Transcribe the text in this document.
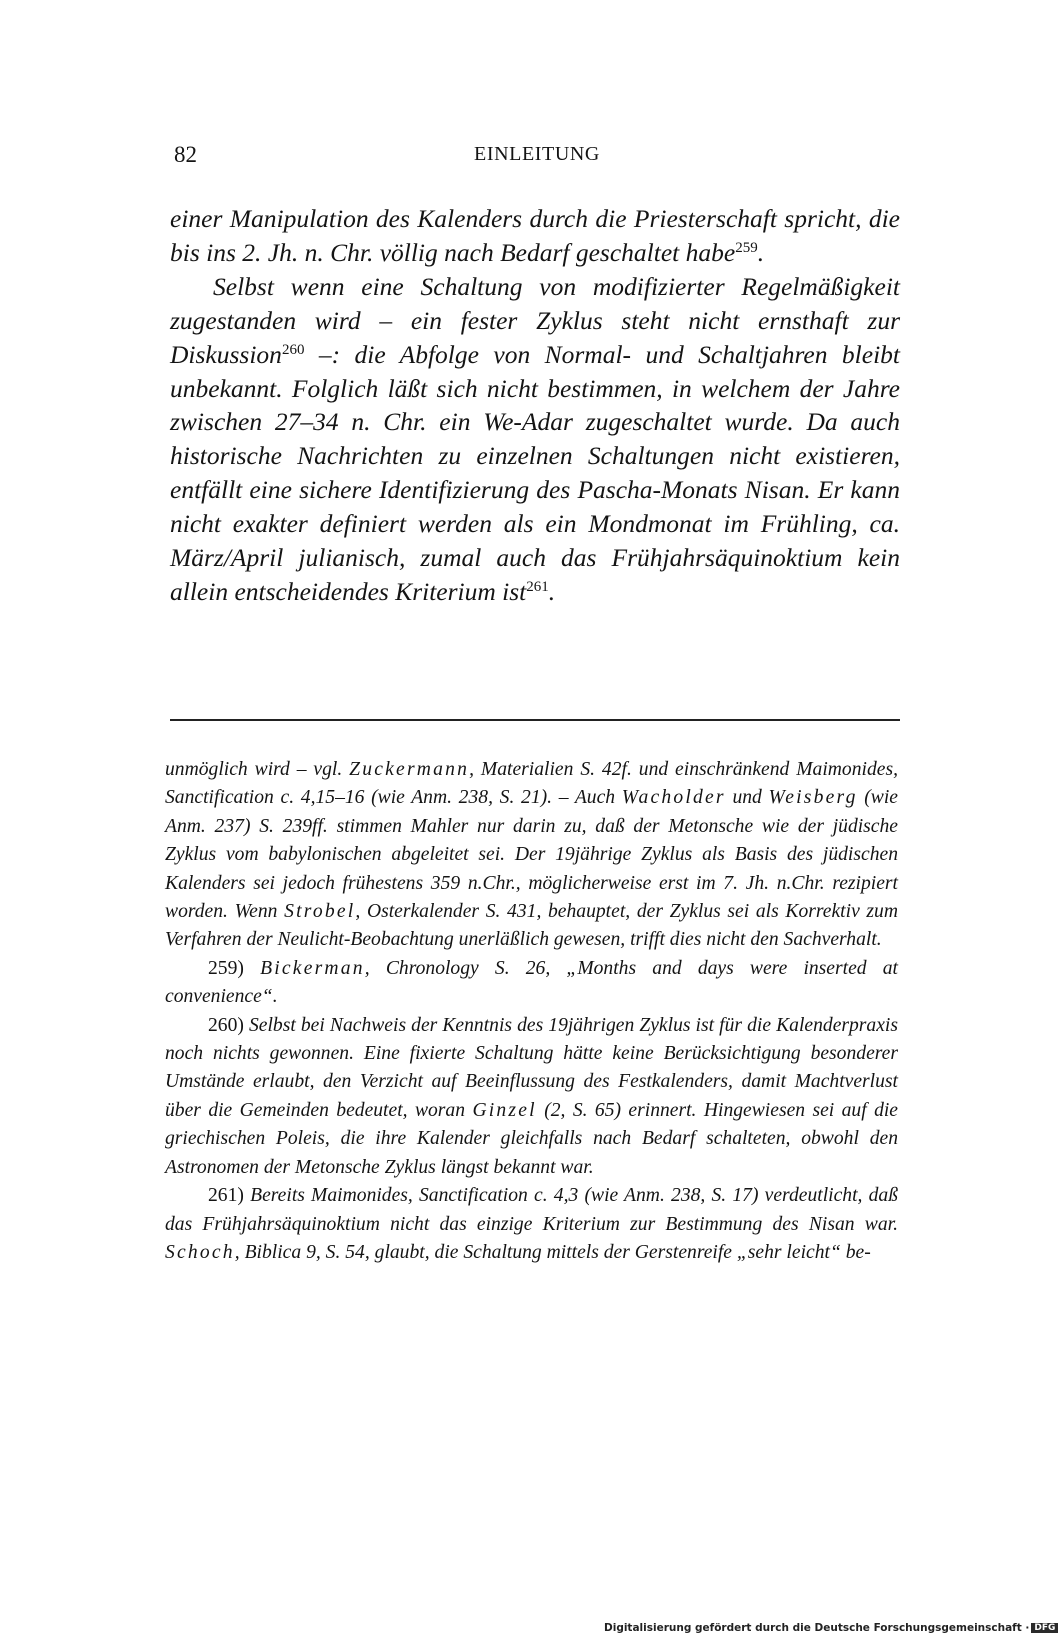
82	EINLEITUNG

einer Manipulation des Kalenders durch die Priesterschaft spricht, die bis ins 2. Jh. n. Chr. völlig nach Bedarf geschaltet habe$^{259}$.

Selbst wenn eine Schaltung von modifizierter Regelmäßigkeit zugestanden wird – ein fester Zyklus steht nicht ernsthaft zur Diskussion$^{260}$ –: die Abfolge von Normal- und Schaltjahren bleibt unbekannt. Folglich läßt sich nicht bestimmen, in welchem der Jahre zwischen 27–34 n. Chr. ein We-Adar zugeschaltet wurde. Da auch historische Nachrichten zu einzelnen Schaltungen nicht existieren, entfällt eine sichere Identifizierung des Pascha-Monats Nisan. Er kann nicht exakter definiert werden als ein Mondmonat im Frühling, ca. März/April julianisch, zumal auch das Frühjahrsäquinoktium kein allein entscheidendes Kriterium ist$^{261}$.

unmöglich wird – vgl. Zuckermann, Materialien S. 42f. und einschränkend Maimonides, Sanctification c. 4,15–16 (wie Anm. 238, S. 21). – Auch Wacholder und Weisberg (wie Anm. 237) S. 239ff. stimmen Mahler nur darin zu, daß der Metonsche wie der jüdische Zyklus vom babylonischen abgeleitet sei. Der 19jährige Zyklus als Basis des jüdischen Kalenders sei jedoch frühestens 359 n.Chr., möglicherweise erst im 7. Jh. n.Chr. rezipiert worden. Wenn Strobel, Osterkalender S. 431, behauptet, der Zyklus sei als Korrektiv zum Verfahren der Neulicht-Beobachtung unerläßlich gewesen, trifft dies nicht den Sachverhalt.

259) Bickerman, Chronology S. 26, „Months and days were inserted at convenience“.

260) Selbst bei Nachweis der Kenntnis des 19jährigen Zyklus ist für die Kalenderpraxis noch nichts gewonnen. Eine fixierte Schaltung hätte keine Berücksichtigung besonderer Umstände erlaubt, den Verzicht auf Beeinflussung des Festkalenders, damit Machtverlust über die Gemeinden bedeutet, woran Ginzel (2, S. 65) erinnert. Hingewiesen sei auf die griechischen Poleis, die ihre Kalender gleichfalls nach Bedarf schalteten, obwohl den Astronomen der Metonsche Zyklus längst bekannt war.

261) Bereits Maimonides, Sanctification c. 4,3 (wie Anm. 238, S. 17) verdeutlicht, daß das Frühjahrsäquinoktium nicht das einzige Kriterium zur Bestimmung des Nisan war. Schoch, Biblica 9, S. 54, glaubt, die Schaltung mittels der Gerstenreife „sehr leicht“ be-

Digitalisierung gefördert durch die Deutsche Forschungsgemeinschaft · DFG
